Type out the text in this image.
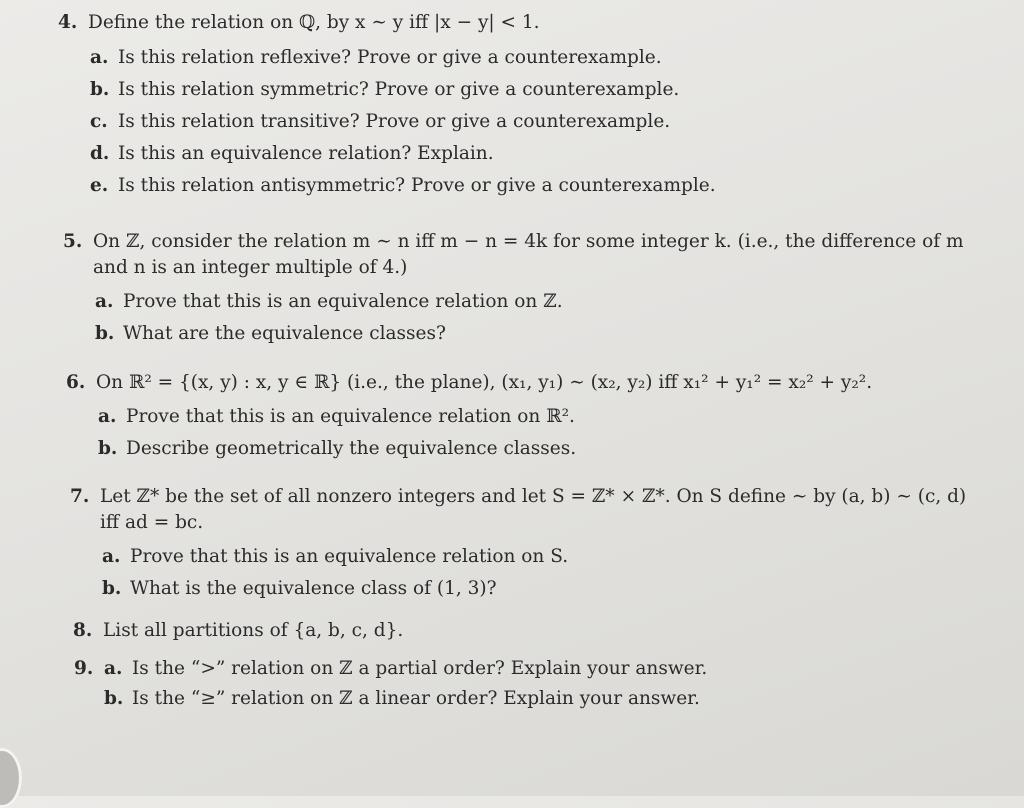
4. Define the relation on ℚ, by x ∼ y iff |x − y| < 1.
a. Is this relation reflexive? Prove or give a counterexample.
b. Is this relation symmetric? Prove or give a counterexample.
c. Is this relation transitive? Prove or give a counterexample.
d. Is this an equivalence relation? Explain.
e. Is this relation antisymmetric? Prove or give a counterexample.
5. On ℤ, consider the relation m ∼ n iff m − n = 4k for some integer k. (i.e., the difference of m
and n is an integer multiple of 4.)
a. Prove that this is an equivalence relation on ℤ.
b. What are the equivalence classes?
6. On ℝ² = {(x, y) : x, y ∈ ℝ} (i.e., the plane), (x₁, y₁) ∼ (x₂, y₂) iff x₁² + y₁² = x₂² + y₂².
a. Prove that this is an equivalence relation on ℝ².
b. Describe geometrically the equivalence classes.
7. Let ℤ* be the set of all nonzero integers and let S = ℤ* × ℤ*. On S define ∼ by (a, b) ∼ (c, d)
iff ad = bc.
a. Prove that this is an equivalence relation on S.
b. What is the equivalence class of (1, 3)?
8. List all partitions of {a, b, c, d}.
9. a. Is the “>” relation on ℤ a partial order? Explain your answer.
b. Is the “≥” relation on ℤ a linear order? Explain your answer.
